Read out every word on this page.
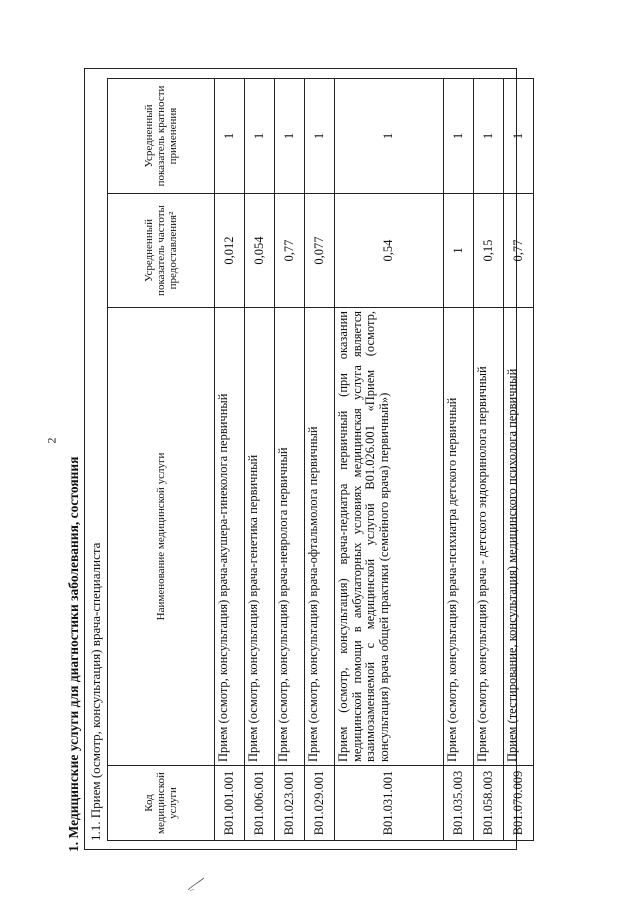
2
1. Медицинские услуги для диагностики заболевания, состояния 1.1. Прием (осмотр, консультация) врача-специалиста	Код медицинской услуги	Наименование медицинской услуги	Усредненный показатель частоты предоставления²	Усредненный показатель кратности применения
B01.001.001	Прием (осмотр, консультация) врача-акушера-гинеколога первичный	0,012	1
B01.006.001	Прием (осмотр, консультация) врача-генетика первичный	0,054	1
B01.023.001	Прием (осмотр, консультация) врача-невролога первичный	0,77	1
B01.029.001	Прием (осмотр, консультация) врача-офтальмолога первичный	0,077	1
B01.031.001	Прием (осмотр, консультация) врача-педиатра первичный (при оказании медицинской помощи в амбулаторных условиях медицинская услуга является взаимозаменяемой с медицинской услугой B01.026.001 «Прием (осмотр, консультация) врача общей практики (семейного врача) первичный»)	0,54	1
B01.035.003	Прием (осмотр, консультация) врача-психиатра детского первичный	1	1
B01.058.003	Прием (осмотр, консультация) врача - детского эндокринолога первичный	0,15	1
B01.070.009	Прием (тестирование, консультация) медицинского психолога первичный	0,77	1
